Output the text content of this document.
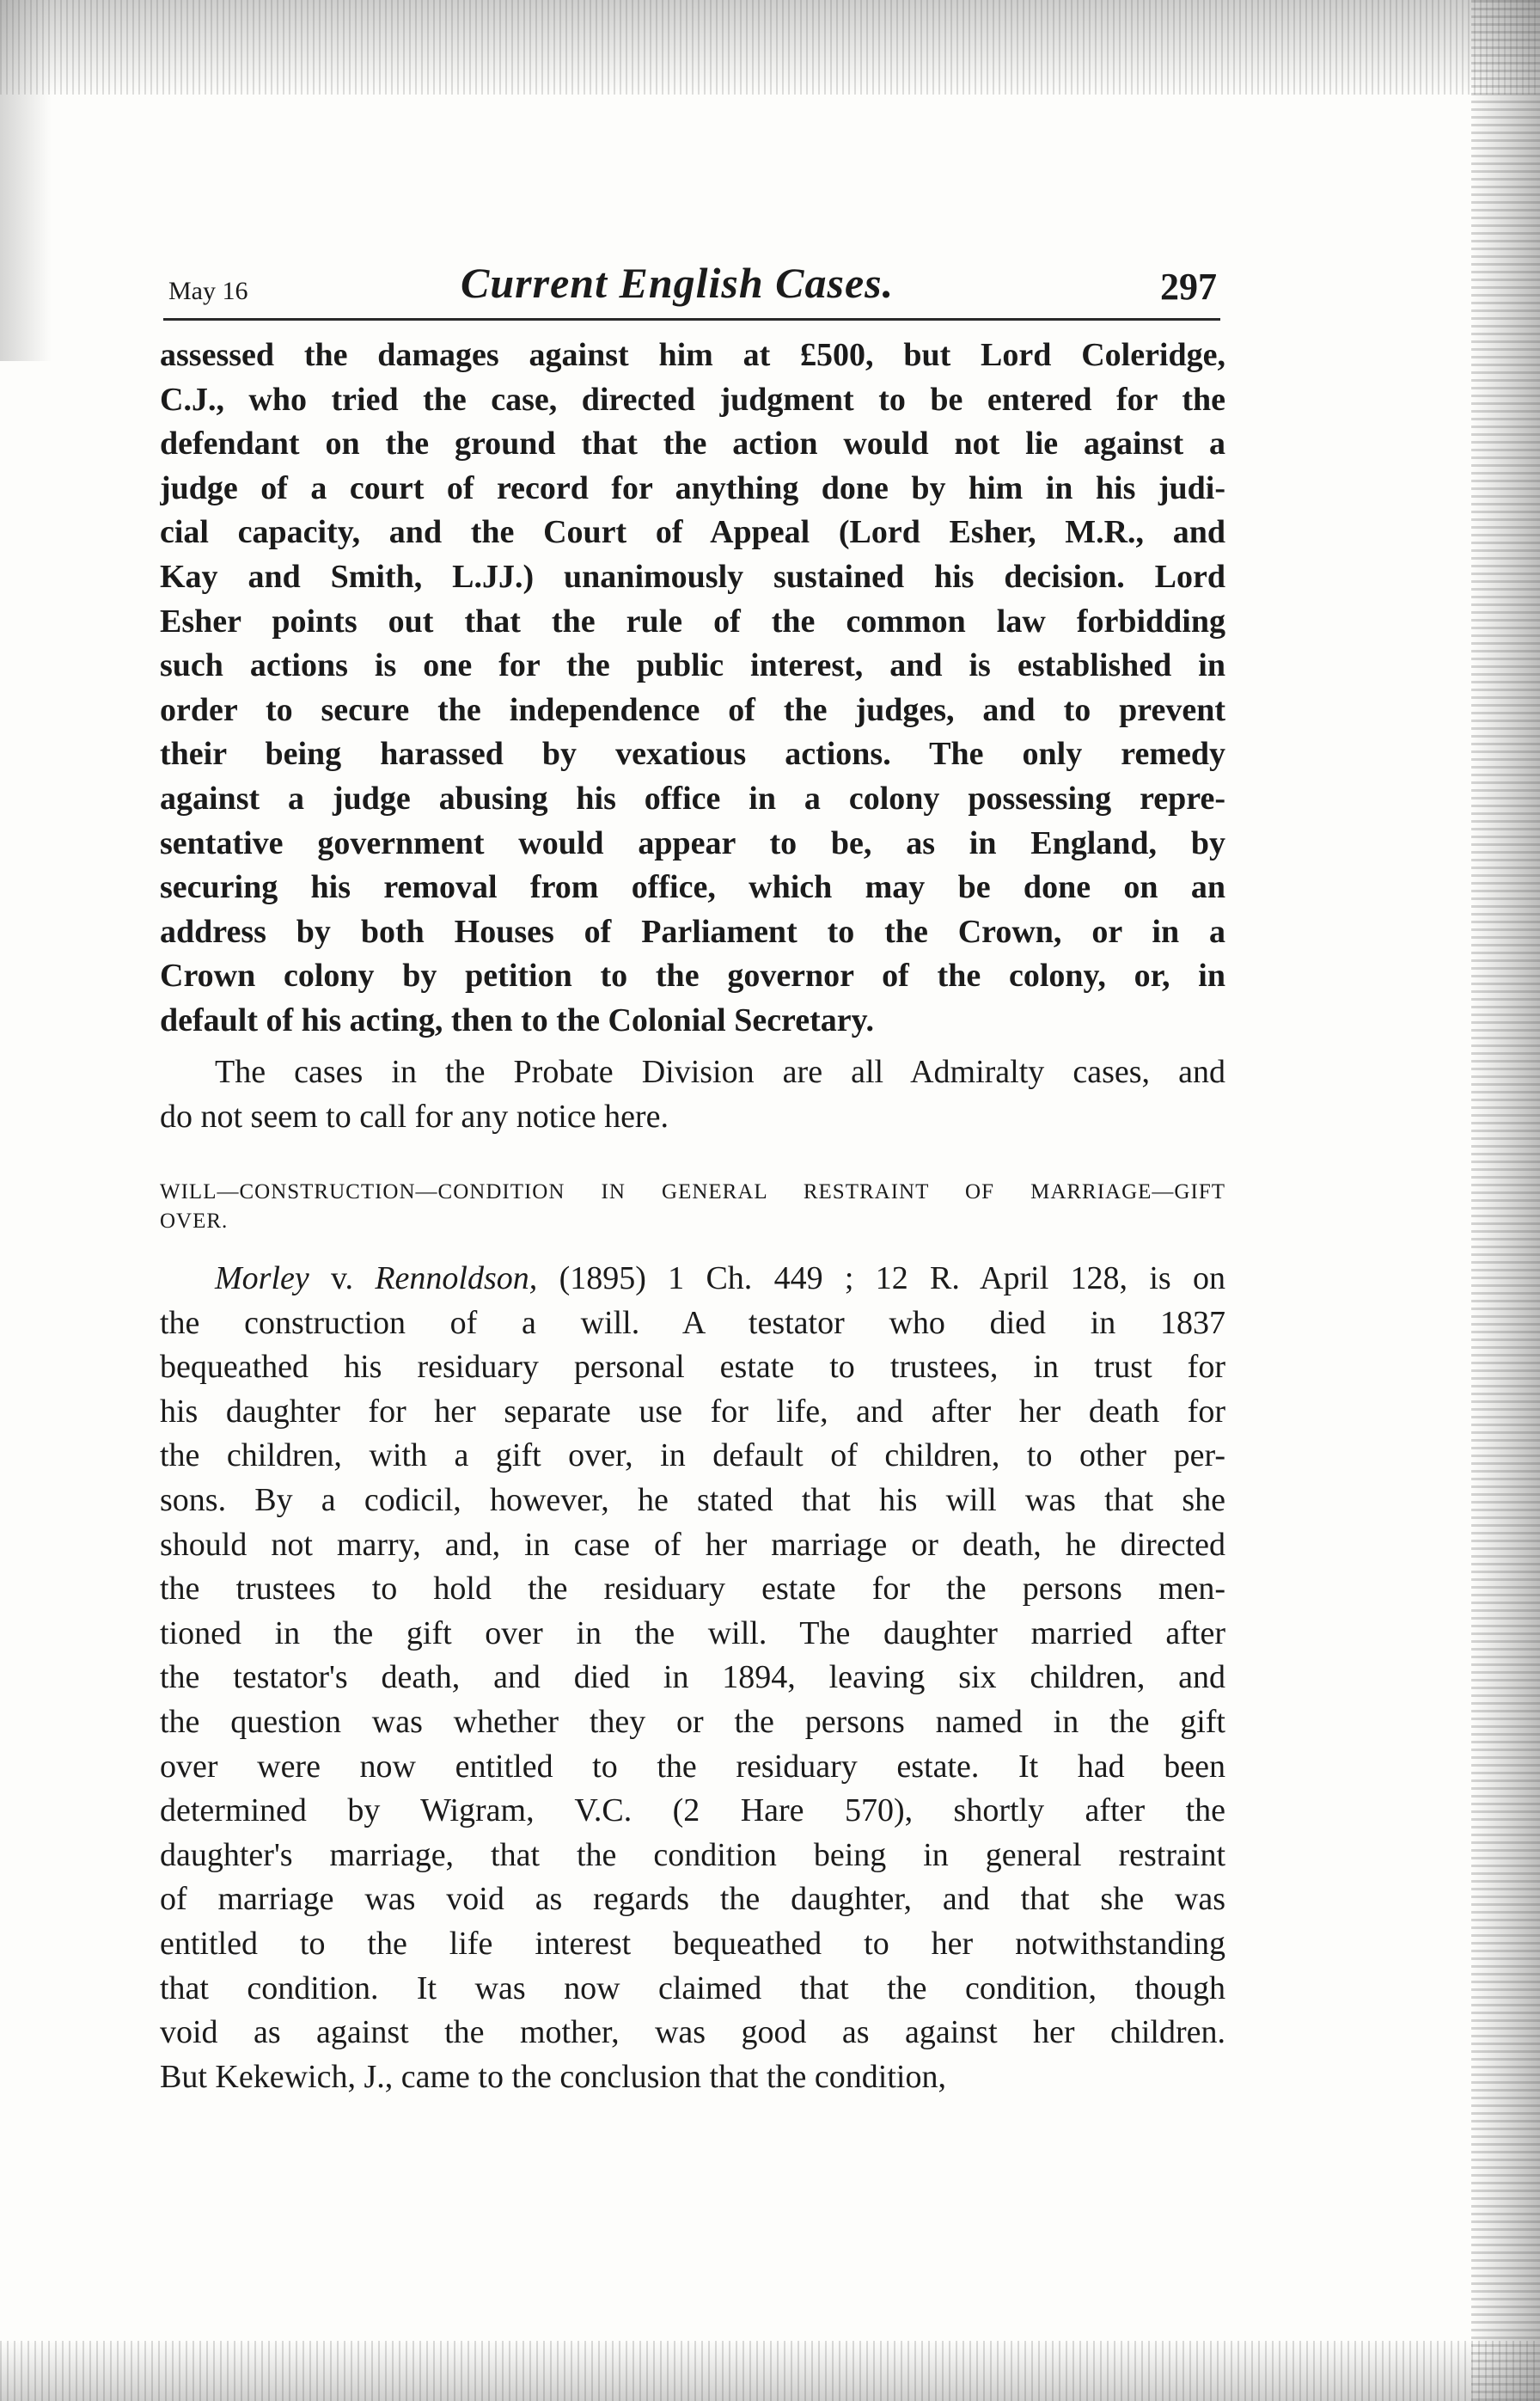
May 16	Current English Cases.	297
assessed the damages against him at £500, but Lord Coleridge,
C.J., who tried the case, directed judgment to be entered for the
defendant on the ground that the action would not lie against a
judge of a court of record for anything done by him in his judi-
cial capacity, and the Court of Appeal (Lord Esher, M.R., and
Kay and Smith, L.JJ.) unanimously sustained his decision. Lord
Esher points out that the rule of the common law forbidding
such actions is one for the public interest, and is established in
order to secure the independence of the judges, and to prevent
their being harassed by vexatious actions. The only remedy
against a judge abusing his office in a colony possessing repre-
sentative government would appear to be, as in England, by
securing his removal from office, which may be done on an
address by both Houses of Parliament to the Crown, or in a
Crown colony by petition to the governor of the colony, or, in
default of his acting, then to the Colonial Secretary.
The cases in the Probate Division are all Admiralty cases, and
do not seem to call for any notice here.
WILL—CONSTRUCTION—CONDITION IN GENERAL RESTRAINT OF MARRIAGE—GIFT
OVER.
Morley v. Rennoldson, (1895) 1 Ch. 449 ; 12 R. April 128, is on
the construction of a will. A testator who died in 1837
bequeathed his residuary personal estate to trustees, in trust for
his daughter for her separate use for life, and after her death for
the children, with a gift over, in default of children, to other per-
sons. By a codicil, however, he stated that his will was that she
should not marry, and, in case of her marriage or death, he directed
the trustees to hold the residuary estate for the persons men-
tioned in the gift over in the will. The daughter married after
the testator's death, and died in 1894, leaving six children, and
the question was whether they or the persons named in the gift
over were now entitled to the residuary estate. It had been
determined by Wigram, V.C. (2 Hare 570), shortly after the
daughter's marriage, that the condition being in general restraint
of marriage was void as regards the daughter, and that she was
entitled to the life interest bequeathed to her notwithstanding
that condition. It was now claimed that the condition, though
void as against the mother, was good as against her children.
But Kekewich, J., came to the conclusion that the condition,
